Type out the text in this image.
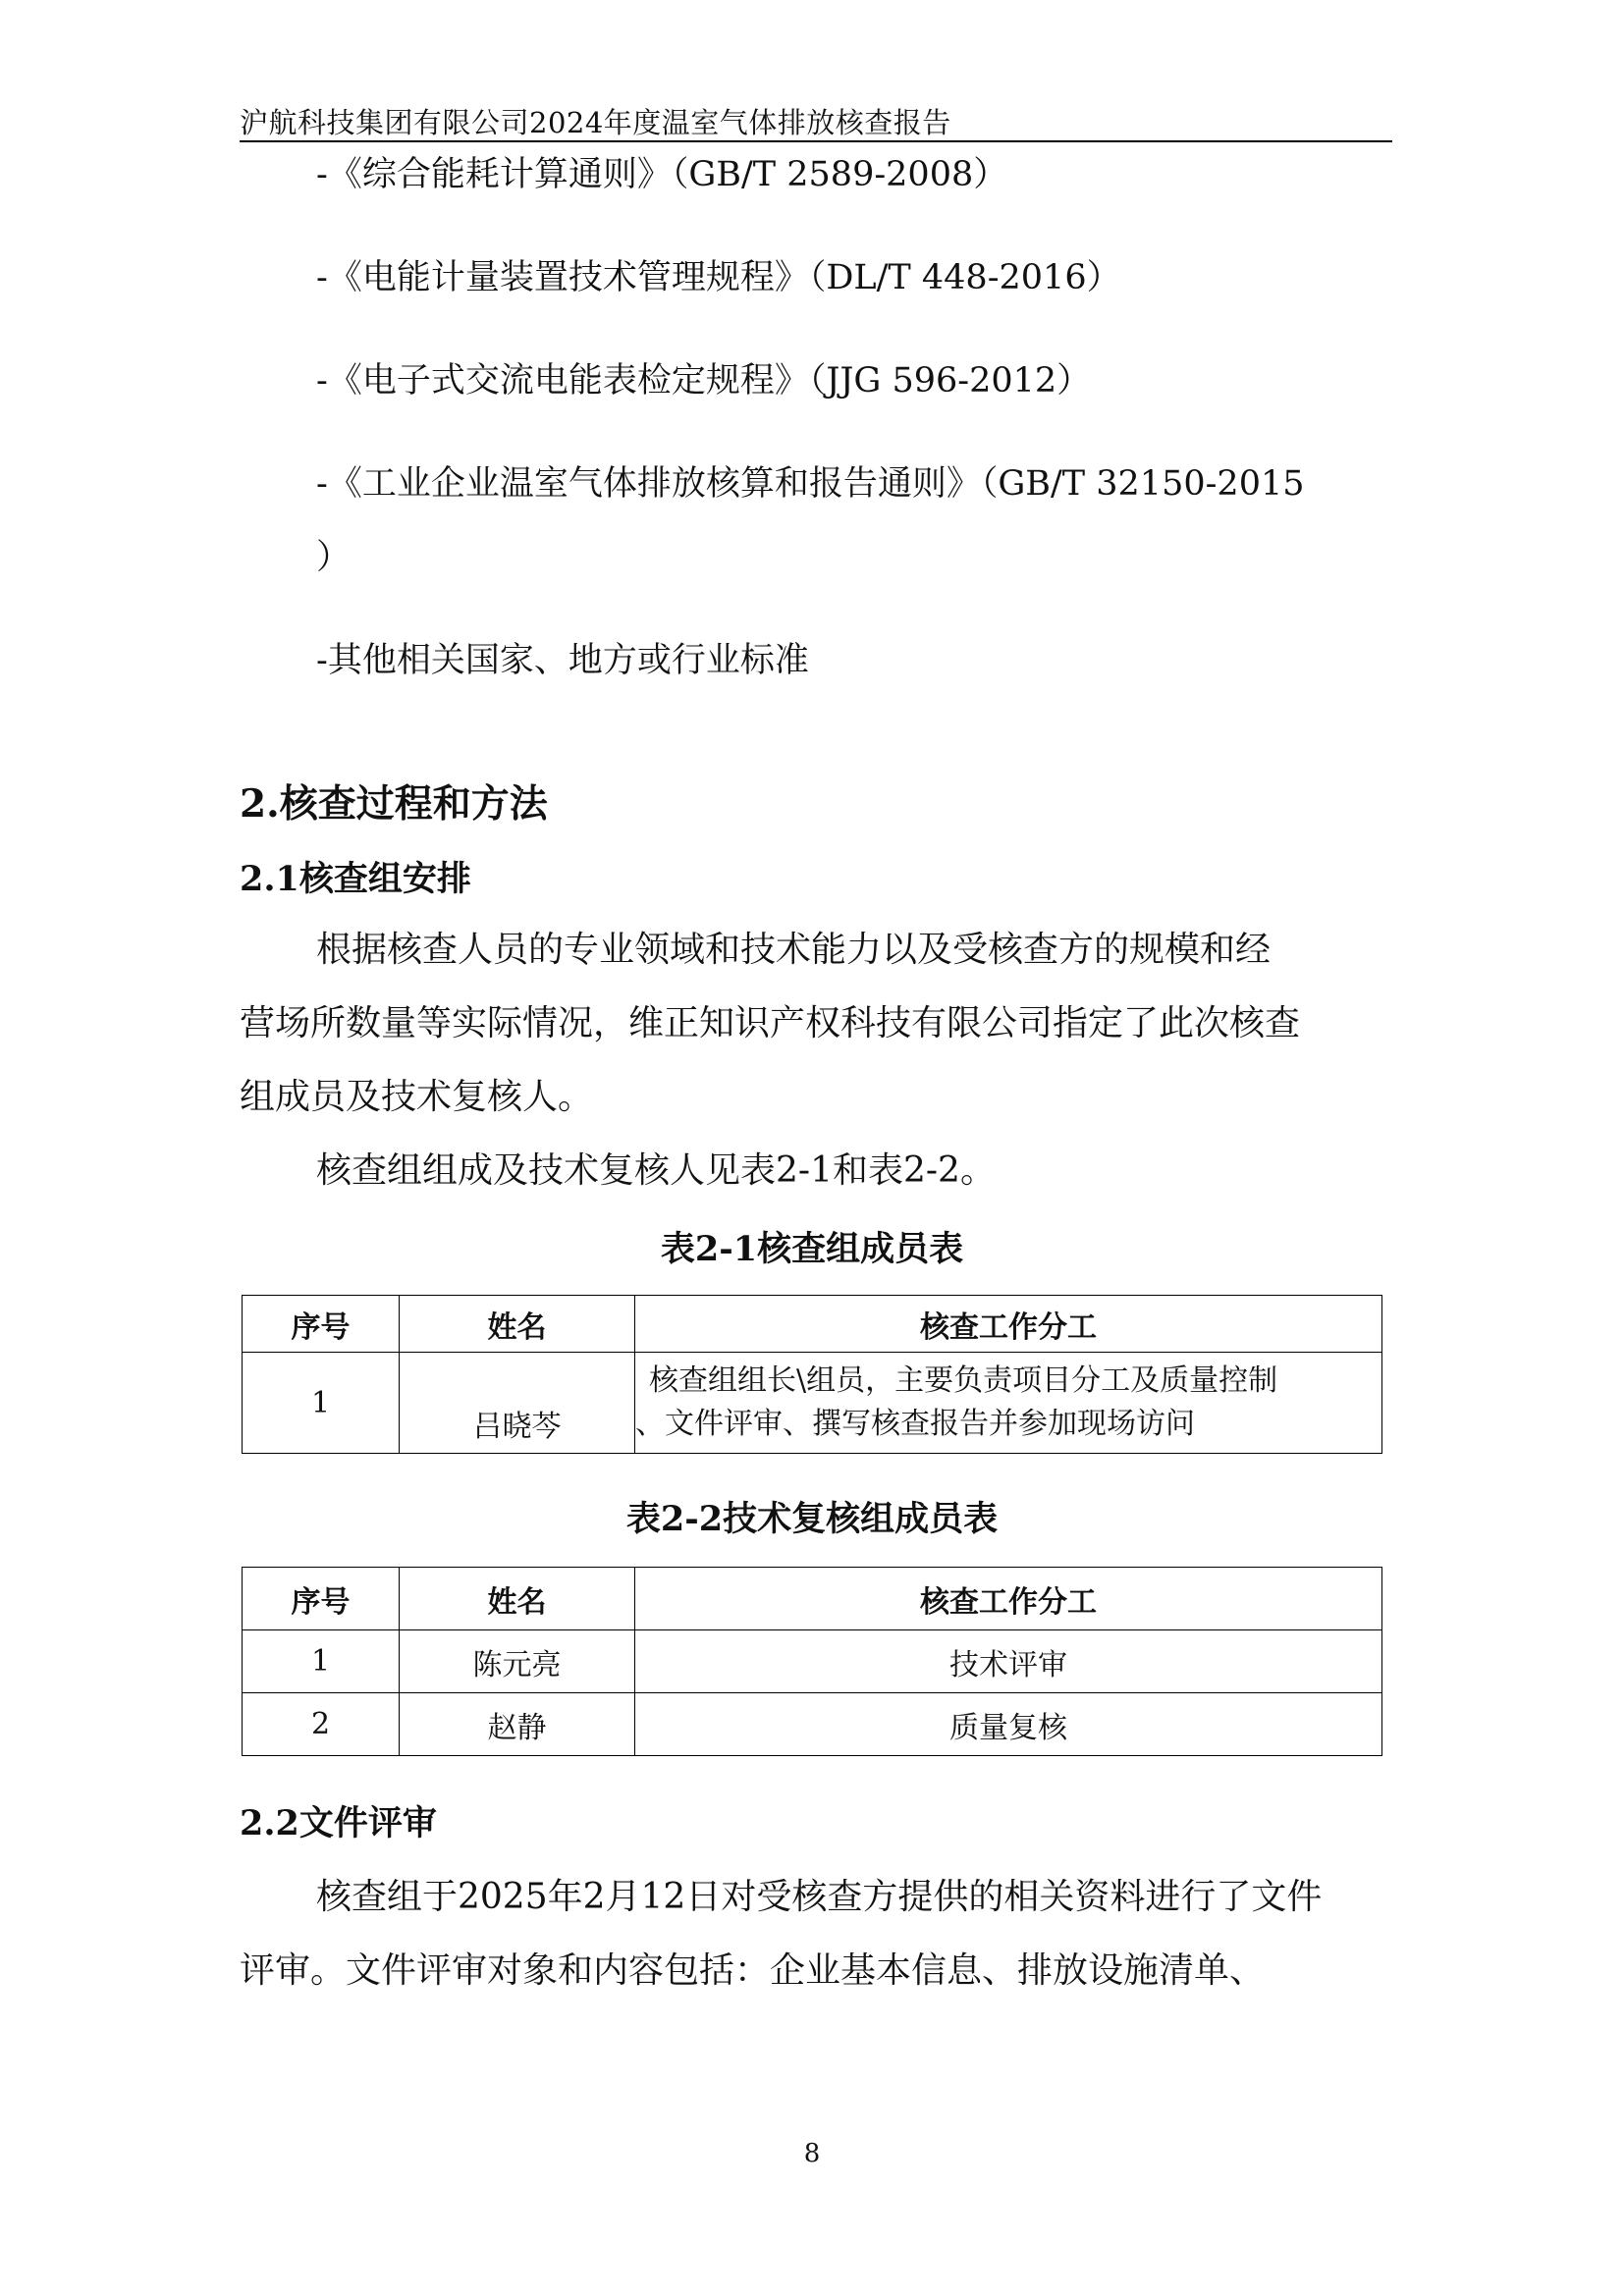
沪航科技集团有限公司2024年度温室气体排放核查报告
-《综合能耗计算通则》（GB/T 2589-2008）
-《电能计量装置技术管理规程》（DL/T 448-2016）
-《电子式交流电能表检定规程》（JJG 596-2012）
-《工业企业温室气体排放核算和报告通则》（GB/T 32150-2015
）
-其他相关国家、地方或行业标准
2.核查过程和方法
2.1核查组安排
根据核查人员的专业领域和技术能力以及受核查方的规模和经
营场所数量等实际情况，维正知识产权科技有限公司指定了此次核查
组成员及技术复核人。
核查组组成及技术复核人见表2-1和表2-2。
表2-1核查组成员表
序号	姓名	核查工作分工
1	吕晓芩	核查组组长\组员，主要负责项目分工及质量控制
、文件评审、撰写核查报告并参加现场访问
表2-2技术复核组成员表
序号	姓名	核查工作分工
1	陈元亮	技术评审
2	赵静	质量复核
2.2文件评审
核查组于2025年2月12日对受核查方提供的相关资料进行了文件
评审。文件评审对象和内容包括：企业基本信息、排放设施清单、
8
